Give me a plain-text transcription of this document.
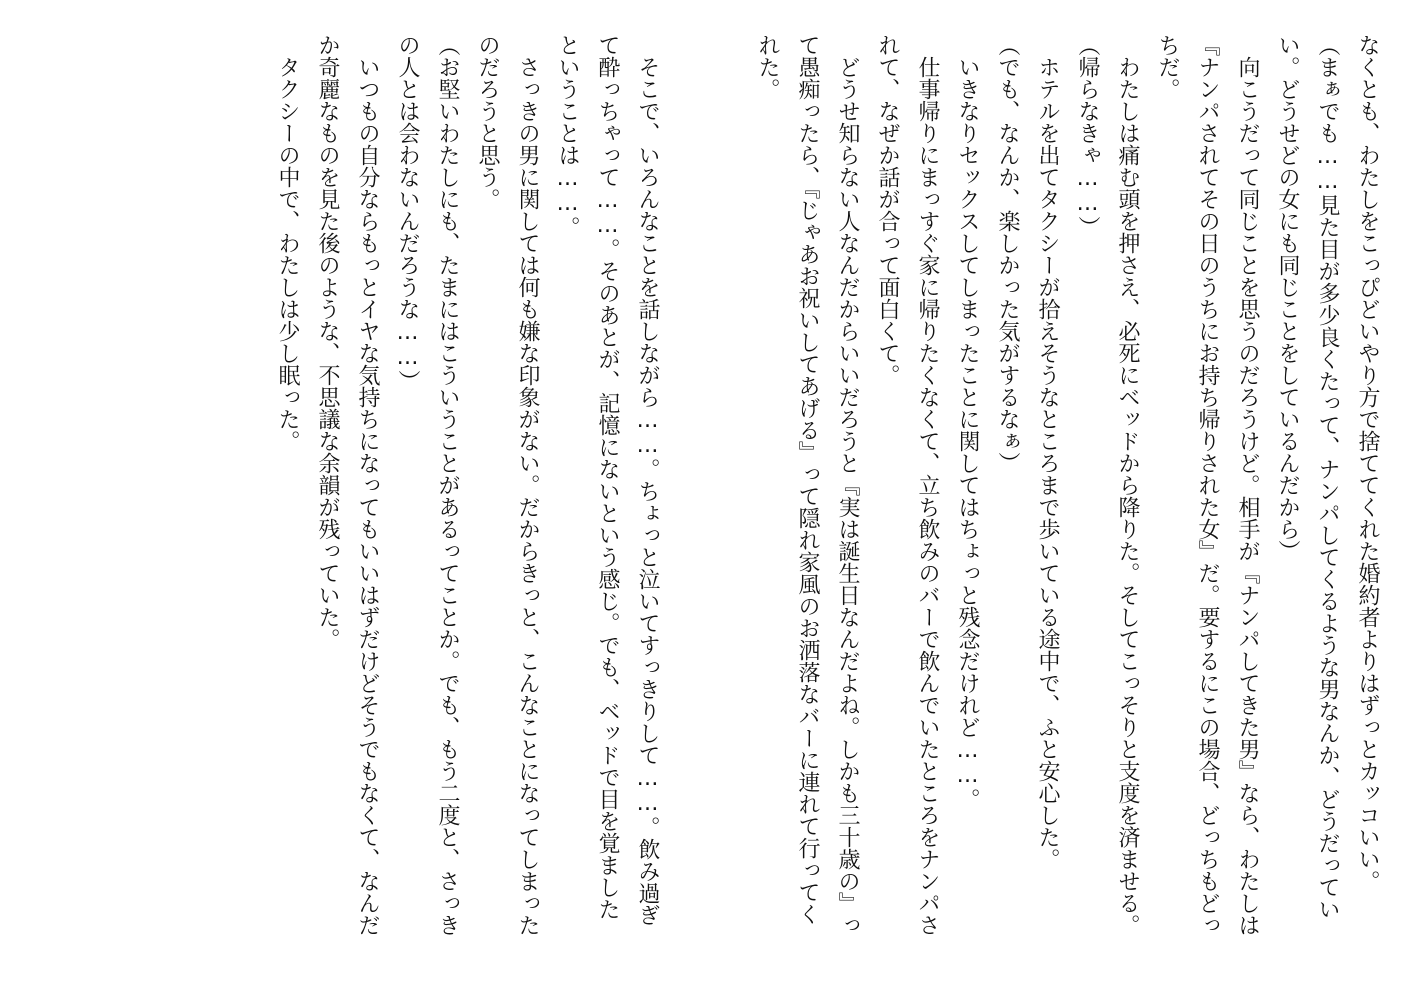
なくとも、わたしをこっぴどいやり方で捨ててくれた婚約者よりはずっとカッコいい。
（まぁでも……見た目が多少良くたって、ナンパしてくるような男なんか、どうだってい
い。どうせどの女にも同じことをしているんだから）
　向こうだって同じことを思うのだろうけど。相手が『ナンパしてきた男』なら、わたしは
『ナンパされてその日のうちにお持ち帰りされた女』だ。要するにこの場合、どっちもどっ
ちだ。
　わたしは痛む頭を押さえ、必死にベッドから降りた。そしてこっそりと支度を済ませる。
（帰らなきゃ……）
　ホテルを出てタクシーが拾えそうなところまで歩いている途中で、ふと安心した。
（でも、なんか、楽しかった気がするなぁ）
　いきなりセックスしてしまったことに関してはちょっと残念だけれど……。
　仕事帰りにまっすぐ家に帰りたくなくて、立ち飲みのバーで飲んでいたところをナンパさ
れて、なぜか話が合って面白くて。
　どうせ知らない人なんだからいいだろうと『実は誕生日なんだよね。しかも三十歳の』っ
て愚痴ったら、『じゃあお祝いしてあげる』って隠れ家風のお洒落なバーに連れて行ってく
れた。
　そこで、いろんなことを話しながら……。ちょっと泣いてすっきりして……。飲み過ぎ
て酔っちゃって……。そのあとが、記憶にないという感じ。でも、ベッドで目を覚ました
ということは……。
　さっきの男に関しては何も嫌な印象がない。だからきっと、こんなことになってしまった
のだろうと思う。
（お堅いわたしにも、たまにはこういうことがあるってことか。でも、もう二度と、さっき
の人とは会わないんだろうな……）
　いつもの自分ならもっとイヤな気持ちになってもいいはずだけどそうでもなくて、なんだ
か奇麗なものを見た後のような、不思議な余韻が残っていた。
　タクシーの中で、わたしは少し眠った。
